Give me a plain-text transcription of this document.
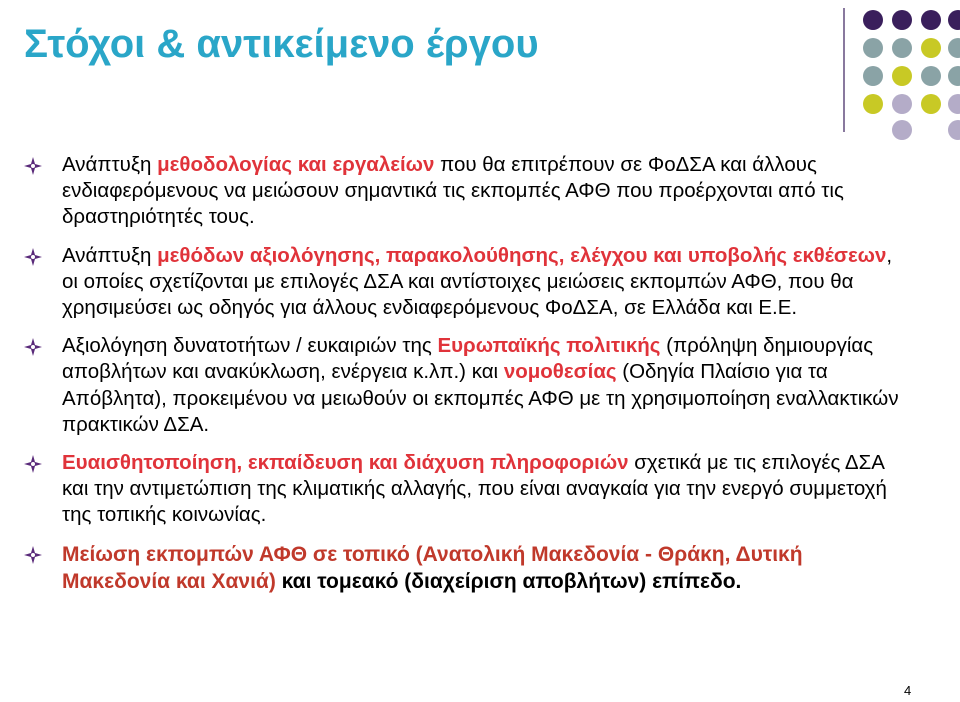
Στόχοι & αντικείμενο έργου
Ανάπτυξη μεθοδολογίας και εργαλείων που θα επιτρέπουν σε ΦοΔΣΑ και άλλους ενδιαφερόμενους να μειώσουν σημαντικά τις εκπομπές ΑΦΘ που προέρχονται από τις δραστηριότητές τους.
Ανάπτυξη μεθόδων αξιολόγησης, παρακολούθησης, ελέγχου και υποβολής εκθέσεων, οι οποίες σχετίζονται με επιλογές ΔΣΑ και αντίστοιχες μειώσεις εκπομπών ΑΦΘ, που θα χρησιμεύσει ως οδηγός για άλλους ενδιαφερόμενους ΦοΔΣΑ, σε Ελλάδα και Ε.Ε.
Αξιολόγηση δυνατοτήτων / ευκαιριών της Ευρωπαϊκής πολιτικής (πρόληψη δημιουργίας αποβλήτων και ανακύκλωση, ενέργεια κ.λπ.) και νομοθεσίας (Οδηγία Πλαίσιο για τα Απόβλητα), προκειμένου να μειωθούν οι εκπομπές ΑΦΘ με τη χρησιμοποίηση εναλλακτικών πρακτικών ΔΣΑ.
Ευαισθητοποίηση, εκπαίδευση και διάχυση πληροφοριών σχετικά με τις επιλογές ΔΣΑ και την αντιμετώπιση της κλιματικής αλλαγής, που είναι αναγκαία για την ενεργό συμμετοχή της τοπικής κοινωνίας.
Μείωση εκπομπών ΑΦΘ σε τοπικό (Ανατολική Μακεδονία - Θράκη, Δυτική Μακεδονία και Χανιά) και τομεακό (διαχείριση αποβλήτων) επίπεδο.
4
